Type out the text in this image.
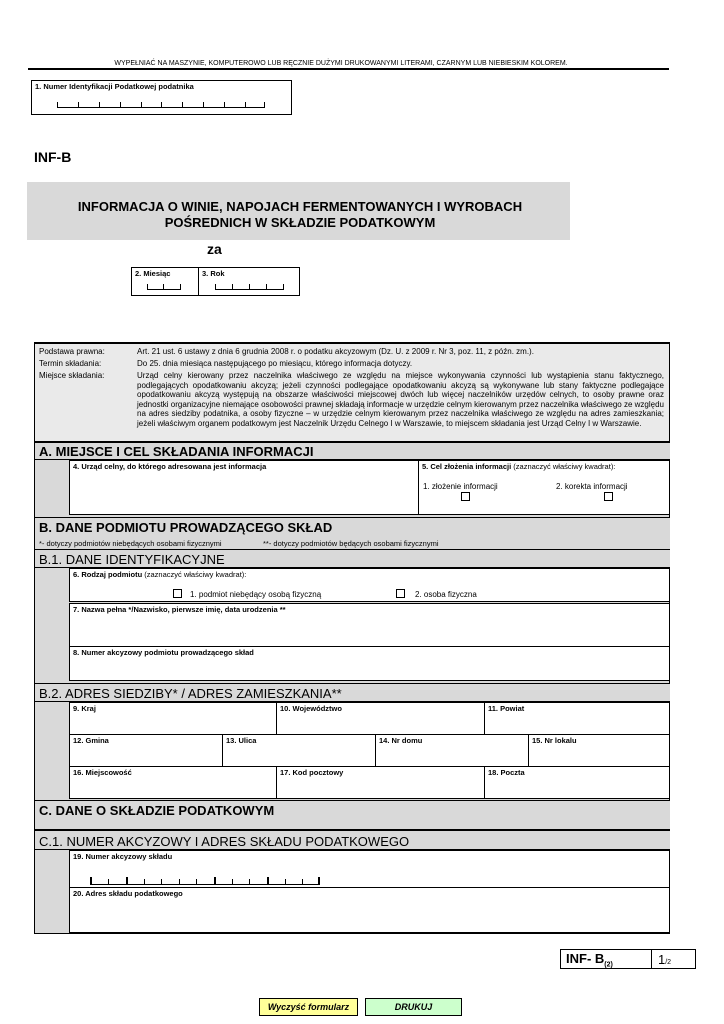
WYPEŁNIAĆ NA MASZYNIE, KOMPUTEROWO LUB RĘCZNIE DUŻYMI DRUKOWANYMI LITERAMI, CZARNYM LUB NIEBIESKIM KOLOREM.
1. Numer Identyfikacji Podatkowej podatnika
INF-B
INFORMACJA O WINIE, NAPOJACH FERMENTOWANYCH I WYROBACH POŚREDNICH W SKŁADZIE PODATKOWYM
za
2. Miesiąc	3. Rok
Podstawa prawna:	Art. 21 ust. 6 ustawy z dnia 6 grudnia 2008 r. o podatku akcyzowym (Dz. U. z 2009 r. Nr 3, poz. 11, z późn. zm.).
Termin składania:	Do 25. dnia miesiąca następującego po miesiącu, którego informacja dotyczy.
Miejsce składania:	Urząd celny kierowany przez naczelnika właściwego ze względu na miejsce wykonywania czynności lub wystąpienia stanu faktycznego, podlegających opodatkowaniu akcyzą; jeżeli czynności podlegające opodatkowaniu akcyzą są wykonywane lub stany faktyczne podlegające opodatkowaniu akcyzą występują na obszarze właściwości miejscowej dwóch lub więcej naczelników urzędów celnych, to osoby prawne oraz jednostki organizacyjne niemające osobowości prawnej składają informacje w urzędzie celnym kierowanym przez naczelnika właściwego ze względu na adres siedziby podatnika, a osoby fizyczne – w urzędzie celnym kierowanym przez naczelnika właściwego ze względu na adres zamieszkania; jeżeli właściwym organem podatkowym jest Naczelnik Urzędu Celnego I w Warszawie, to miejscem składania jest Urząd Celny I w Warszawie.
A. MIEJSCE I CEL SKŁADANIA INFORMACJI
4. Urząd celny, do którego adresowana jest informacja	5. Cel złożenia informacji (zaznaczyć właściwy kwadrat):
1. złożenie informacji	2. korekta informacji
B. DANE PODMIOTU PROWADZĄCEGO SKŁAD
*- dotyczy podmiotów niebędących osobami fizycznymi	**- dotyczy podmiotów będących osobami fizycznymi
B.1. DANE IDENTYFIKACYJNE
6. Rodzaj podmiotu (zaznaczyć właściwy kwadrat):
1. podmiot niebędący osobą fizyczną	2. osoba fizyczna
7. Nazwa pełna */Nazwisko, pierwsze imię, data urodzenia **
8. Numer akcyzowy podmiotu prowadzącego skład
B.2. ADRES SIEDZIBY* / ADRES ZAMIESZKANIA**
9. Kraj	10. Województwo	11. Powiat
12. Gmina	13. Ulica	14. Nr domu	15. Nr lokalu
16. Miejscowość	17. Kod pocztowy	18. Poczta
C. DANE O SKŁADZIE PODATKOWYM
C.1. NUMER AKCYZOWY I ADRES SKŁADU PODATKOWEGO
19. Numer akcyzowy składu
20. Adres składu podatkowego
INF- $B_{(2)}$	1/2
Wyczyść formularz	DRUKUJ
